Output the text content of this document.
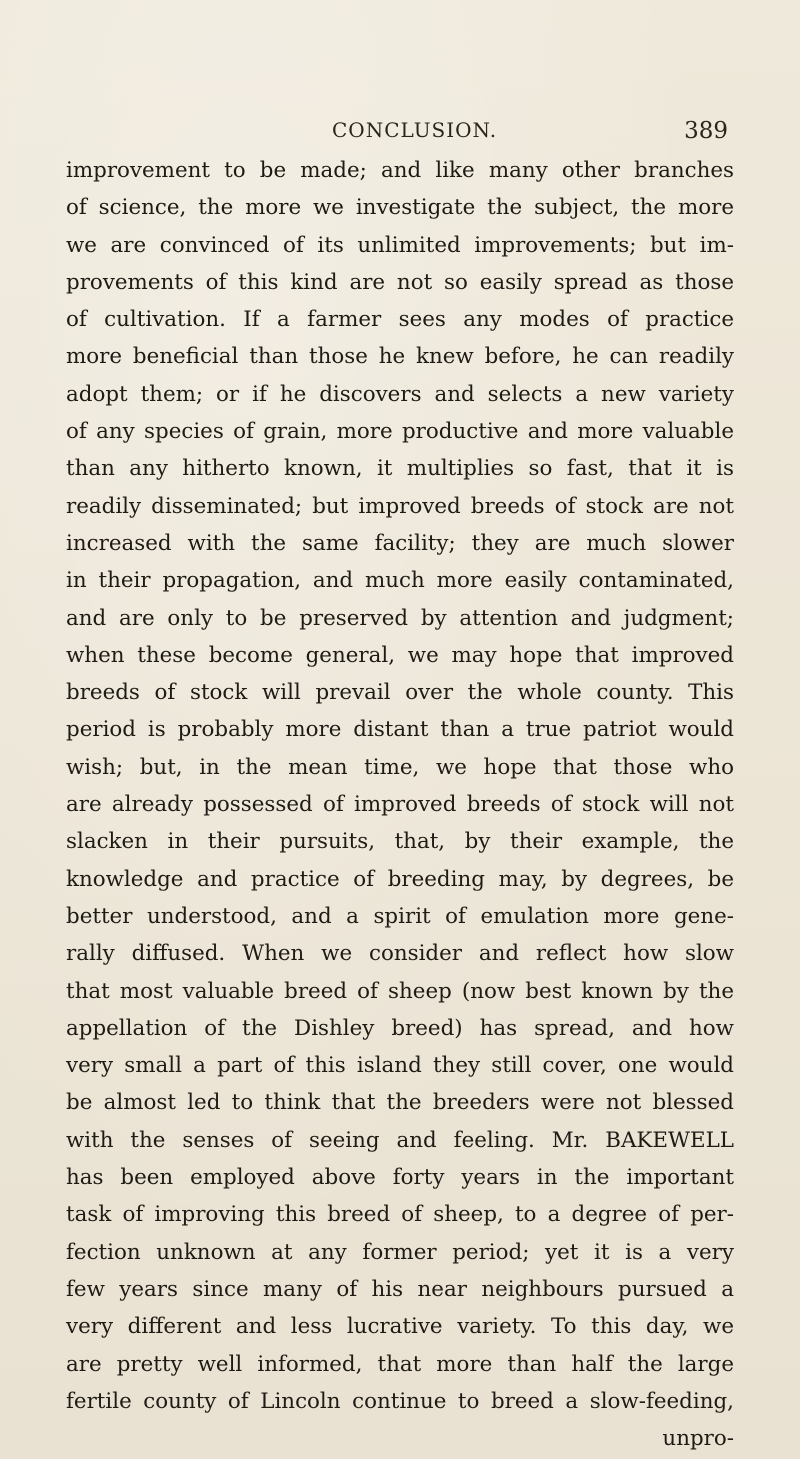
CONCLUSION.	389
improvement to be made; and like many other branches
of science, the more we investigate the subject, the more
we are convinced of its unlimited improvements; but im-
provements of this kind are not so easily spread as those
of cultivation. If a farmer sees any modes of practice
more beneficial than those he knew before, he can readily
adopt them; or if he discovers and selects a new variety
of any species of grain, more productive and more valuable
than any hitherto known, it multiplies so fast, that it is
readily disseminated; but improved breeds of stock are not
increased with the same facility; they are much slower
in their propagation, and much more easily contaminated,
and are only to be preserved by attention and judgment;
when these become general, we may hope that improved
breeds of stock will prevail over the whole county. This
period is probably more distant than a true patriot would
wish; but, in the mean time, we hope that those who
are already possessed of improved breeds of stock will not
slacken in their pursuits, that, by their example, the
knowledge and practice of breeding may, by degrees, be
better understood, and a spirit of emulation more gene-
rally diffused. When we consider and reflect how slow
that most valuable breed of sheep (now best known by the
appellation of the Dishley breed) has spread, and how
very small a part of this island they still cover, one would
be almost led to think that the breeders were not blessed
with the senses of seeing and feeling. Mr. BAKEWELL
has been employed above forty years in the important
task of improving this breed of sheep, to a degree of per-
fection unknown at any former period; yet it is a very
few years since many of his near neighbours pursued a
very different and less lucrative variety. To this day, we
are pretty well informed, that more than half the large
fertile county of Lincoln continue to breed a slow-feeding,
unpro-
